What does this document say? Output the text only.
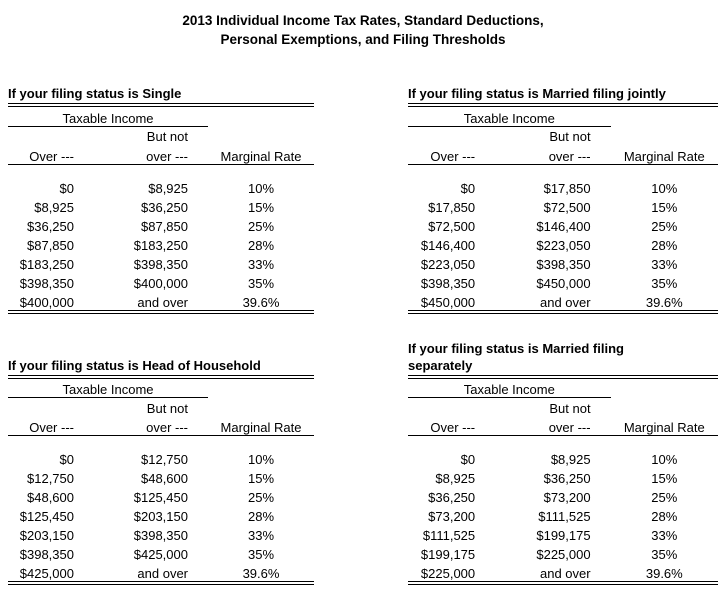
2013 Individual Income Tax Rates, Standard Deductions,
Personal Exemptions, and Filing Thresholds
If your filing status is Single
Taxable Income		
	But not	
Over ---	over ---	Marginal Rate
$0	$8,925	10%
$8,925	$36,250	15%
$36,250	$87,850	25%
$87,850	$183,250	28%
$183,250	$398,350	33%
$398,350	$400,000	35%
$400,000	and over	39.6%
If your filing status is Married filing jointly
Taxable Income		
	But not	
Over ---	over ---	Marginal Rate
$0	$17,850	10%
$17,850	$72,500	15%
$72,500	$146,400	25%
$146,400	$223,050	28%
$223,050	$398,350	33%
$398,350	$450,000	35%
$450,000	and over	39.6%
If your filing status is Head of Household
Taxable Income		
	But not	
Over ---	over ---	Marginal Rate
$0	$12,750	10%
$12,750	$48,600	15%
$48,600	$125,450	25%
$125,450	$203,150	28%
$203,150	$398,350	33%
$398,350	$425,000	35%
$425,000	and over	39.6%
If your filing status is Married filing
separately
Taxable Income		
	But not	
Over ---	over ---	Marginal Rate
$0	$8,925	10%
$8,925	$36,250	15%
$36,250	$73,200	25%
$73,200	$111,525	28%
$111,525	$199,175	33%
$199,175	$225,000	35%
$225,000	and over	39.6%
